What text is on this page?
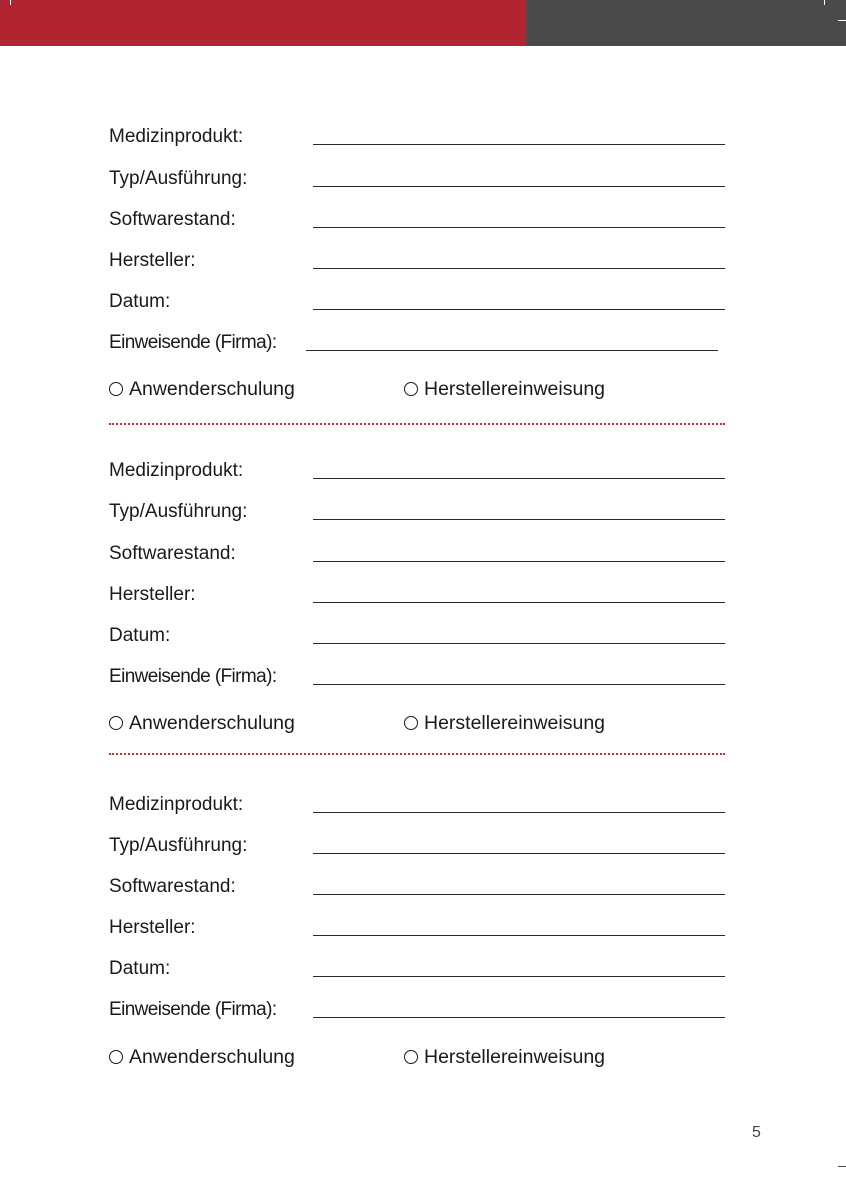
Medizinprodukt:
Typ/Ausführung:
Softwarestand:
Hersteller:
Datum:
Einweisende (Firma):
Anwenderschulung	Herstellereinweisung
Medizinprodukt:
Typ/Ausführung:
Softwarestand:
Hersteller:
Datum:
Einweisende (Firma):
Anwenderschulung	Herstellereinweisung
Medizinprodukt:
Typ/Ausführung:
Softwarestand:
Hersteller:
Datum:
Einweisende (Firma):
Anwenderschulung	Herstellereinweisung
5
